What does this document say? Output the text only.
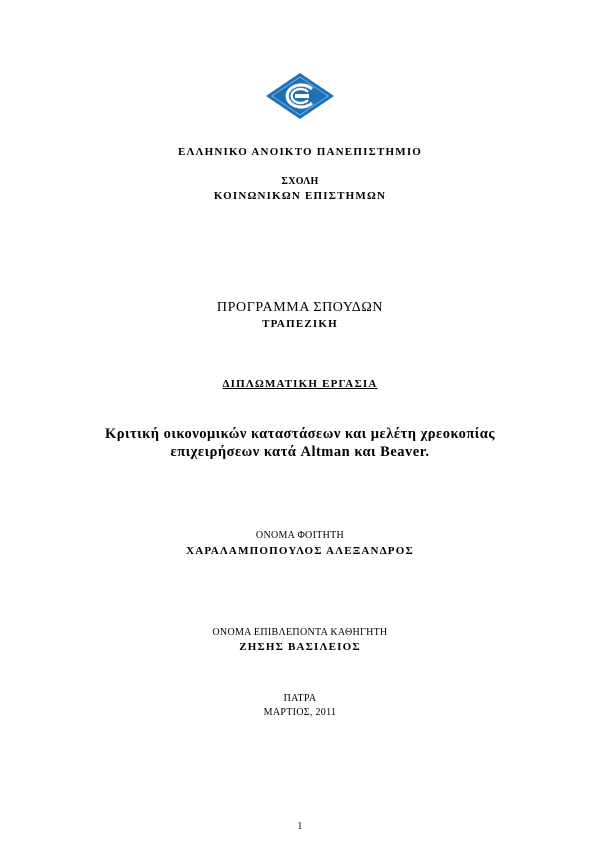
ΕΛΛΗΝΙΚΟ ΑΝΟΙΚΤΟ ΠΑΝΕΠΙΣΤΗΜΙΟ
ΣΧΟΛΗ
ΚΟΙΝΩΝΙΚΩΝ ΕΠΙΣΤΗΜΩΝ
ΠΡΟΓΡΑΜΜΑ ΣΠΟΥΔΩΝ
ΤΡΑΠΕΖΙΚΗ
ΔΙΠΛΩΜΑΤΙΚΗ ΕΡΓΑΣΙΑ
Κριτική οικονομικών καταστάσεων και μελέτη χρεοκοπίας
επιχειρήσεων κατά Altman και Beaver.
ΟΝΟΜΑ ΦΟΙΤΗΤΗ
ΧΑΡΑΛΑΜΠΟΠΟΥΛΟΣ ΑΛΕΞΑΝΔΡΟΣ
ΟΝΟΜΑ ΕΠΙΒΛΕΠΟΝΤΑ ΚΑΘΗΓΗΤΗ
ΖΗΣΗΣ ΒΑΣΙΛΕΙΟΣ
ΠΑΤΡΑ
ΜΑΡΤΙΟΣ, 2011
1
